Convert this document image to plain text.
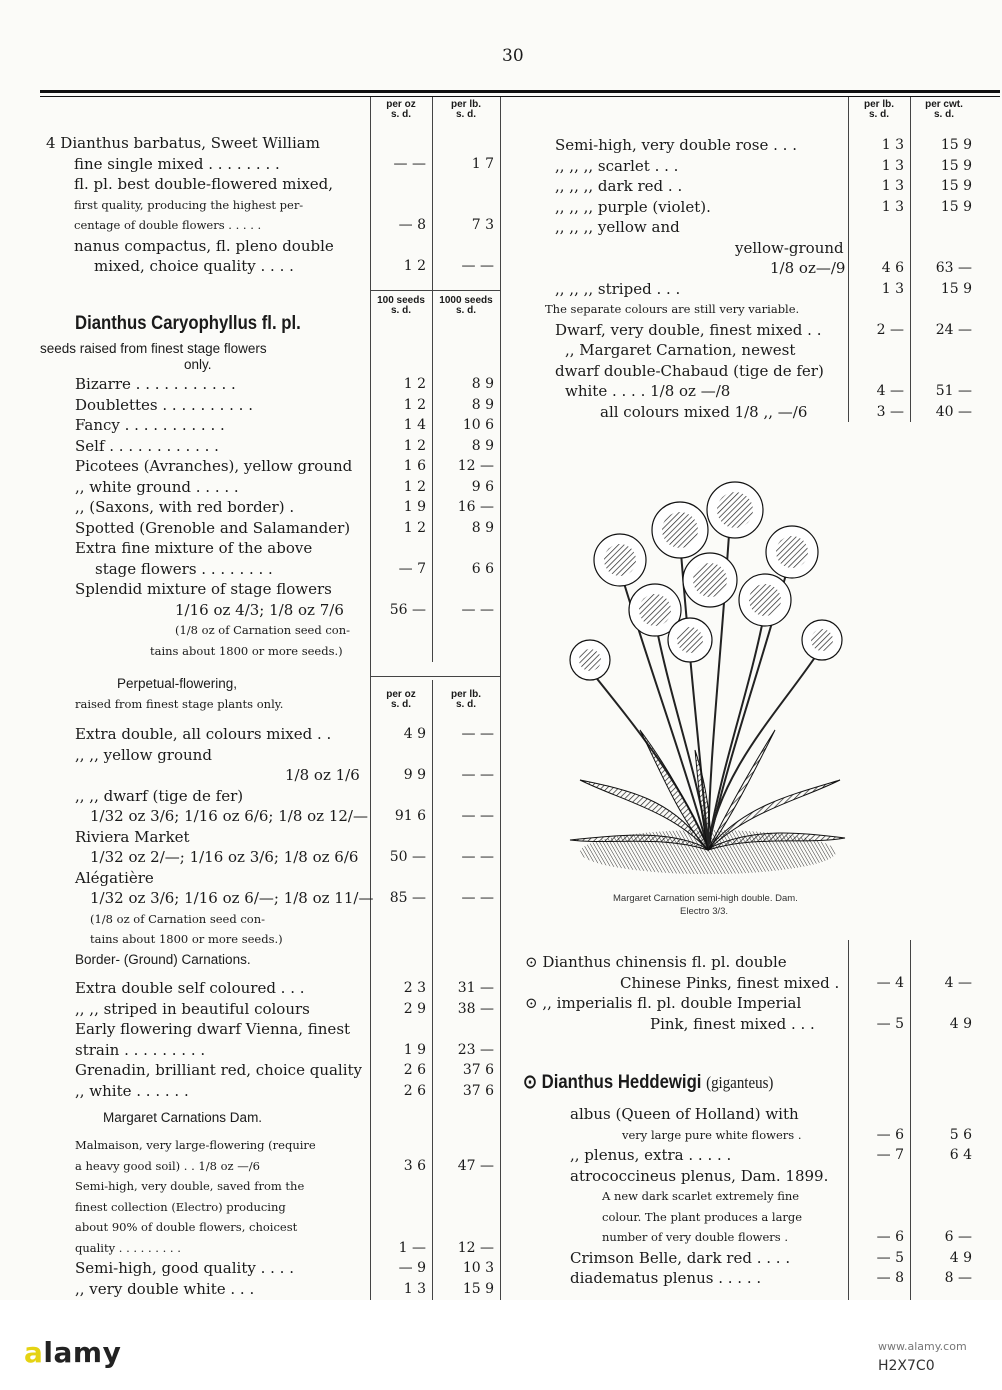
30
per oz
s. d.
per lb.
s. d.
100 seeds
s. d.
1000 seeds
s. d.
per oz
s. d.
per lb.
s. d.
per lb.
s. d.
per cwt.
s. d.
4 Dianthus barbatus, Sweet William
fine single mixed . . . . . . . .	— —	1 7
fl. pl. best double-flowered mixed,
first quality, producing the highest per-
centage of double flowers . . . . .	— 8	7 3
nanus compactus, fl. pleno double
mixed, choice quality . . . .	1 2	— —
Dianthus Caryophyllus fl. pl.
seeds raised from finest stage flowers
only.
Bizarre . . . . . . . . . . .	1 2	8 9
Doublettes . . . . . . . . . .	1 2	8 9
Fancy . . . . . . . . . . .	1 4	10 6
Self . . . . . . . . . . . .	1 2	8 9
Picotees (Avranches), yellow ground	1 6	12 —
,, white ground . . . . .	1 2	9 6
,, (Saxons, with red border) .	1 9	16 —
Spotted (Grenoble and Salamander)	1 2	8 9
Extra fine mixture of the above
stage flowers . . . . . . . .	— 7	6 6
Splendid mixture of stage flowers
1/16 oz 4/3; 1/8 oz 7/6	56 —	— —
(1/8 oz of Carnation seed con-
tains about 1800 or more seeds.)
Perpetual-flowering,
raised from finest stage plants only.
Extra double, all colours mixed . .	4 9	— —
,, ,, yellow ground
1/8 oz 1/6	9 9	— —
,, ,, dwarf (tige de fer)
1/32 oz 3/6; 1/16 oz 6/6; 1/8 oz 12/—	91 6	— —
Riviera Market
1/32 oz 2/—; 1/16 oz 3/6; 1/8 oz 6/6	50 —	— —
Alégatière
1/32 oz 3/6; 1/16 oz 6/—; 1/8 oz 11/—	85 —	— —
(1/8 oz of Carnation seed con-
tains about 1800 or more seeds.)
Border- (Ground) Carnations.
Extra double self coloured . . .	2 3	31 —
,, ,, striped in beautiful colours	2 9	38 —
Early flowering dwarf Vienna, finest
strain . . . . . . . . .	1 9	23 —
Grenadin, brilliant red, choice quality	2 6	37 6
,, white . . . . . .	2 6	37 6
Margaret Carnations Dam.
Malmaison, very large-flowering (require
a heavy good soil) . . 1/8 oz —/6	3 6	47 —
Semi-high, very double, saved from the
finest collection (Electro) producing
about 90% of double flowers, choicest
quality . . . . . . . . .	1 —	12 —
Semi-high, good quality . . . .	— 9	10 3
,, very double white . . .	1 3	15 9
Semi-high, very double rose . . .	1 3	15 9
,, ,, ,, scarlet . . .	1 3	15 9
,, ,, ,, dark red . .	1 3	15 9
,, ,, ,, purple (violet).	1 3	15 9
,, ,, ,, yellow and
yellow-ground
1/8 oz—/9	4 6	63 —
,, ,, ,, striped . . .	1 3	15 9
The separate colours are still very variable.
Dwarf, very double, finest mixed . .	2 —	24 —
,, Margaret Carnation, newest
dwarf double-Chabaud (tige de fer)
white . . . . 1/8 oz —/8	4 —	51 —
all colours mixed 1/8 ,, —/6	3 —	40 —
Margaret Carnation semi-high double. Dam.
Electro 3/3.
⊙ Dianthus chinensis fl. pl. double
Chinese Pinks, finest mixed .	— 4	4 —
⊙ ,, imperialis fl. pl. double Imperial
Pink, finest mixed . . .	— 5	4 9
⊙ Dianthus Heddewigi (giganteus)
albus (Queen of Holland) with
very large pure white flowers .	— 6	5 6
,, plenus, extra . . . . .	— 7	6 4
atrococcineus plenus, Dam. 1899.
A new dark scarlet extremely fine
colour. The plant produces a large
number of very double flowers .	— 6	6 —
Crimson Belle, dark red . . . .	— 5	4 9
diadematus plenus . . . . .	— 8	8 —
alamy	www.alamy.com
H2X7C0
